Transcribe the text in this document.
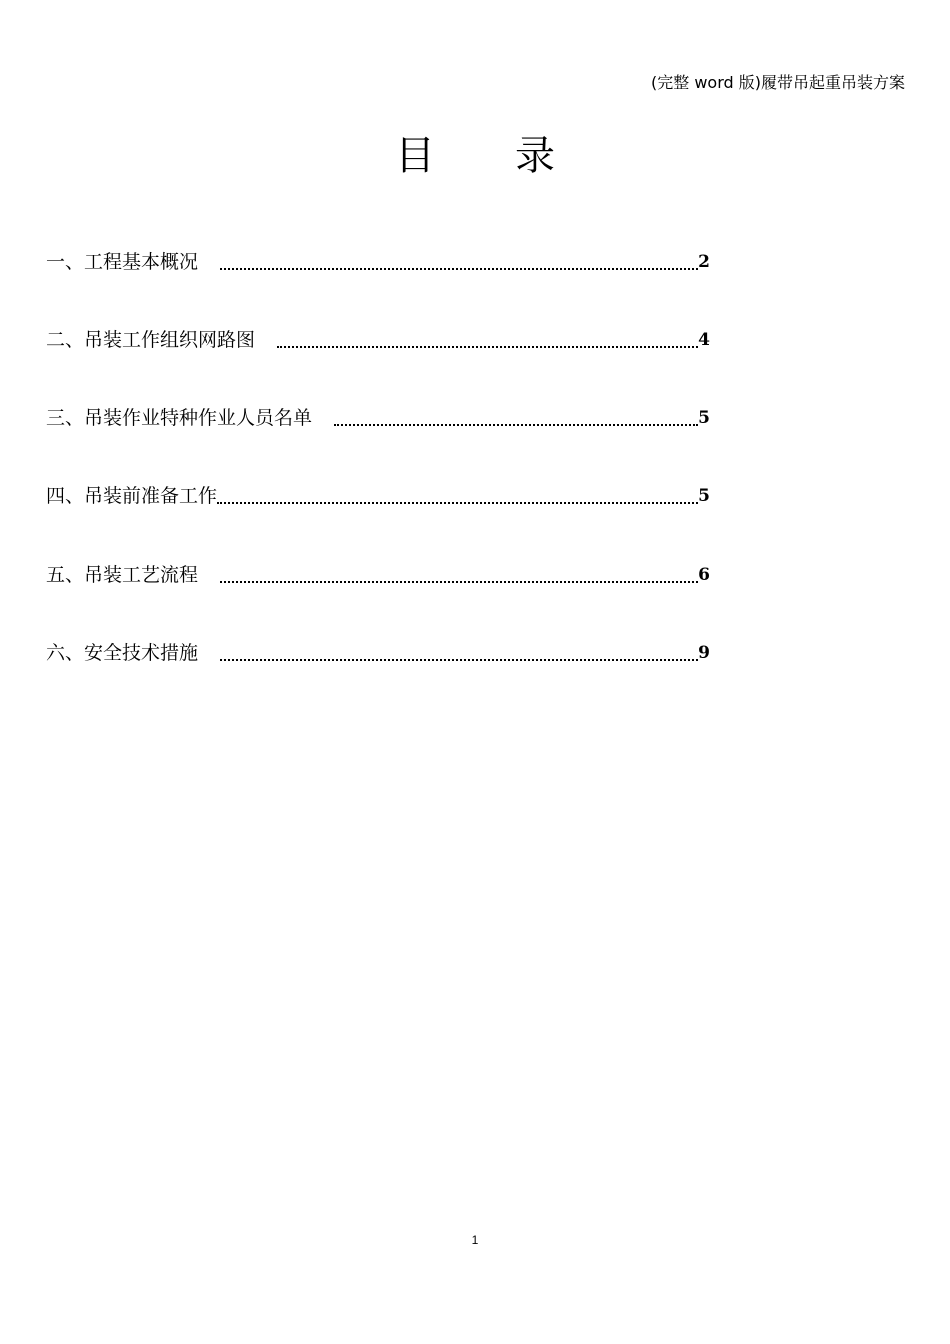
(完整 word 版)履带吊起重吊装方案
目 录
一、工程基本概况	2
二、吊装工作组织网路图	4
三、吊装作业特种作业人员名单	5
四、吊装前准备工作	5
五、吊装工艺流程	6
六、安全技术措施	9
1
